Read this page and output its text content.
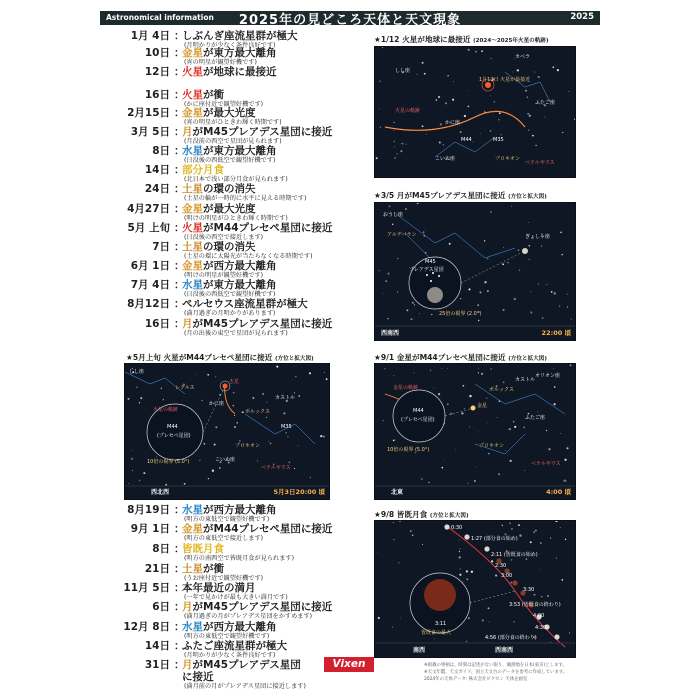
Astronomical information	2025年の見どころ天体と天文現象	2025
1月 4日 ：
しぶんぎ座流星群が極大
(月明かりが少なく条件良好です)
10日 ：
金星が東方最大離角
(宵の明星が観望好機です)
12日 ：
火星が地球に最接近
16日 ：
火星が衝
(かに座付近で観望好機です)
2月15日 ：
金星が最大光度
(宵の明星がひときわ輝く時期です)
3月 5日 ：
月がM45プレアデス星団に接近
(月没前の西空で星団が見られます)
8日 ：
水星が東方最大離角
(日没後の西低空で観望好機です)
14日 ：
部分月食
(北日本で浅い部分月食が見られます)
24日 ：
土星の環の消失
(土星の輪が一時的に水平に見える時期です)
4月27日 ：
金星が最大光度
(明けの明星がひときわ輝く時期です)
5月 上旬 ：
火星がM44プレセペ星団に接近
(日没後の西空で接近します)
7日 ：
土星の環の消失
(土星の環に太陽光が当たらなくなる時期です)
6月 1日 ：
金星が西方最大離角
(明けの明星が観望好機です)
7月 4日 ：
水星が東方最大離角
(日没後の西低空で観望好機です)
8月12日 ：
ペルセウス座流星群が極大
(満月過ぎの月明かりがあります)
16日 ：
月がM45プレアデス星団に接近
(月の出後の東空で星団が見られます)
8月19日 ：
水星が西方最大離角
(明方の東低空で観望好機です)
9月 1日 ：
金星がM44プレセペ星団に接近
(明方の東低空で接近します)
8日 ：
皆既月食
(明方の南西空で皆既月食が見られます)
21日 ：
土星が衝
(うお座付近で観望好機です)
11月 5日 ：
本年最近の満月
(一年で見かけが最も大きい満月です)
6日 ：
月がM45プレアデス星団に接近
(満月過ぎの月がプレアデス星団をかすめます)
12月 8日 ：
水星が西方最大離角
(明方の東低空で観望好機です)
14日 ：
ふたご座流星群が極大
(月明かりが少なく条件良好です)
31日 ：
月がM45プレアデス星団
に接近
(満月前の月がプレアデス星団に接近します)
★1/12 火星が地球に最接近 (2024〜2025年火星の軌跡)
1月12日 火星が最接近
火星の軌跡
カペラ
ふたご座
しし座
かに座
こいぬ座	プロキオン
ベテルギウス
M35
M44
★3/5 月がM45プレアデス星団に接近 (方位と拡大図)
アルデバラン
おうし座
ぎょしゃ座
M45
プレアデス星団
25倍の視界 (2.0°)
西南西	22:00 頃
★5月上旬 火星がM44プレセペ星団に接近 (方位と拡大図)
しし座
火星
レグルス
かに座
火星の軌跡
M44
(プレセペ星団)
10倍の視界 (5.0°)
ポルックス
カストル
プロキオン
こいぬ座
ベテルギウス
M35
西北西	5月3日20:00 頃
★9/1 金星がM44プレセペ星団に接近 (方位と拡大図)
金星の軌跡
M44
(プレセペ星団)
10倍の視界 (5.0°)
金星
ポルックス
カストル
プロキオン
ふたご座
オリオン座
ベテルギウス
北東	4:00 頃
★9/8 皆既月食 (方位と拡大図)
0:30
1:27 (部分食の始め)
2:11 (皆既食の始め)
2:30
3:00
3:11
皆既食の最大
3:30
3:53 (皆既食の終わり)
4:00
4:30
4:56 (部分食の終わり)
南西	西南西
Vixen	※掲載の事柄は、時刻は記述がない限り、観測地を日本(東京)とします。
※天文年鑑、天文ガイド、国立天文台のデータを参考に作成しています。
2024年の天体データ: 株式会社ビクセン 天体企画室
